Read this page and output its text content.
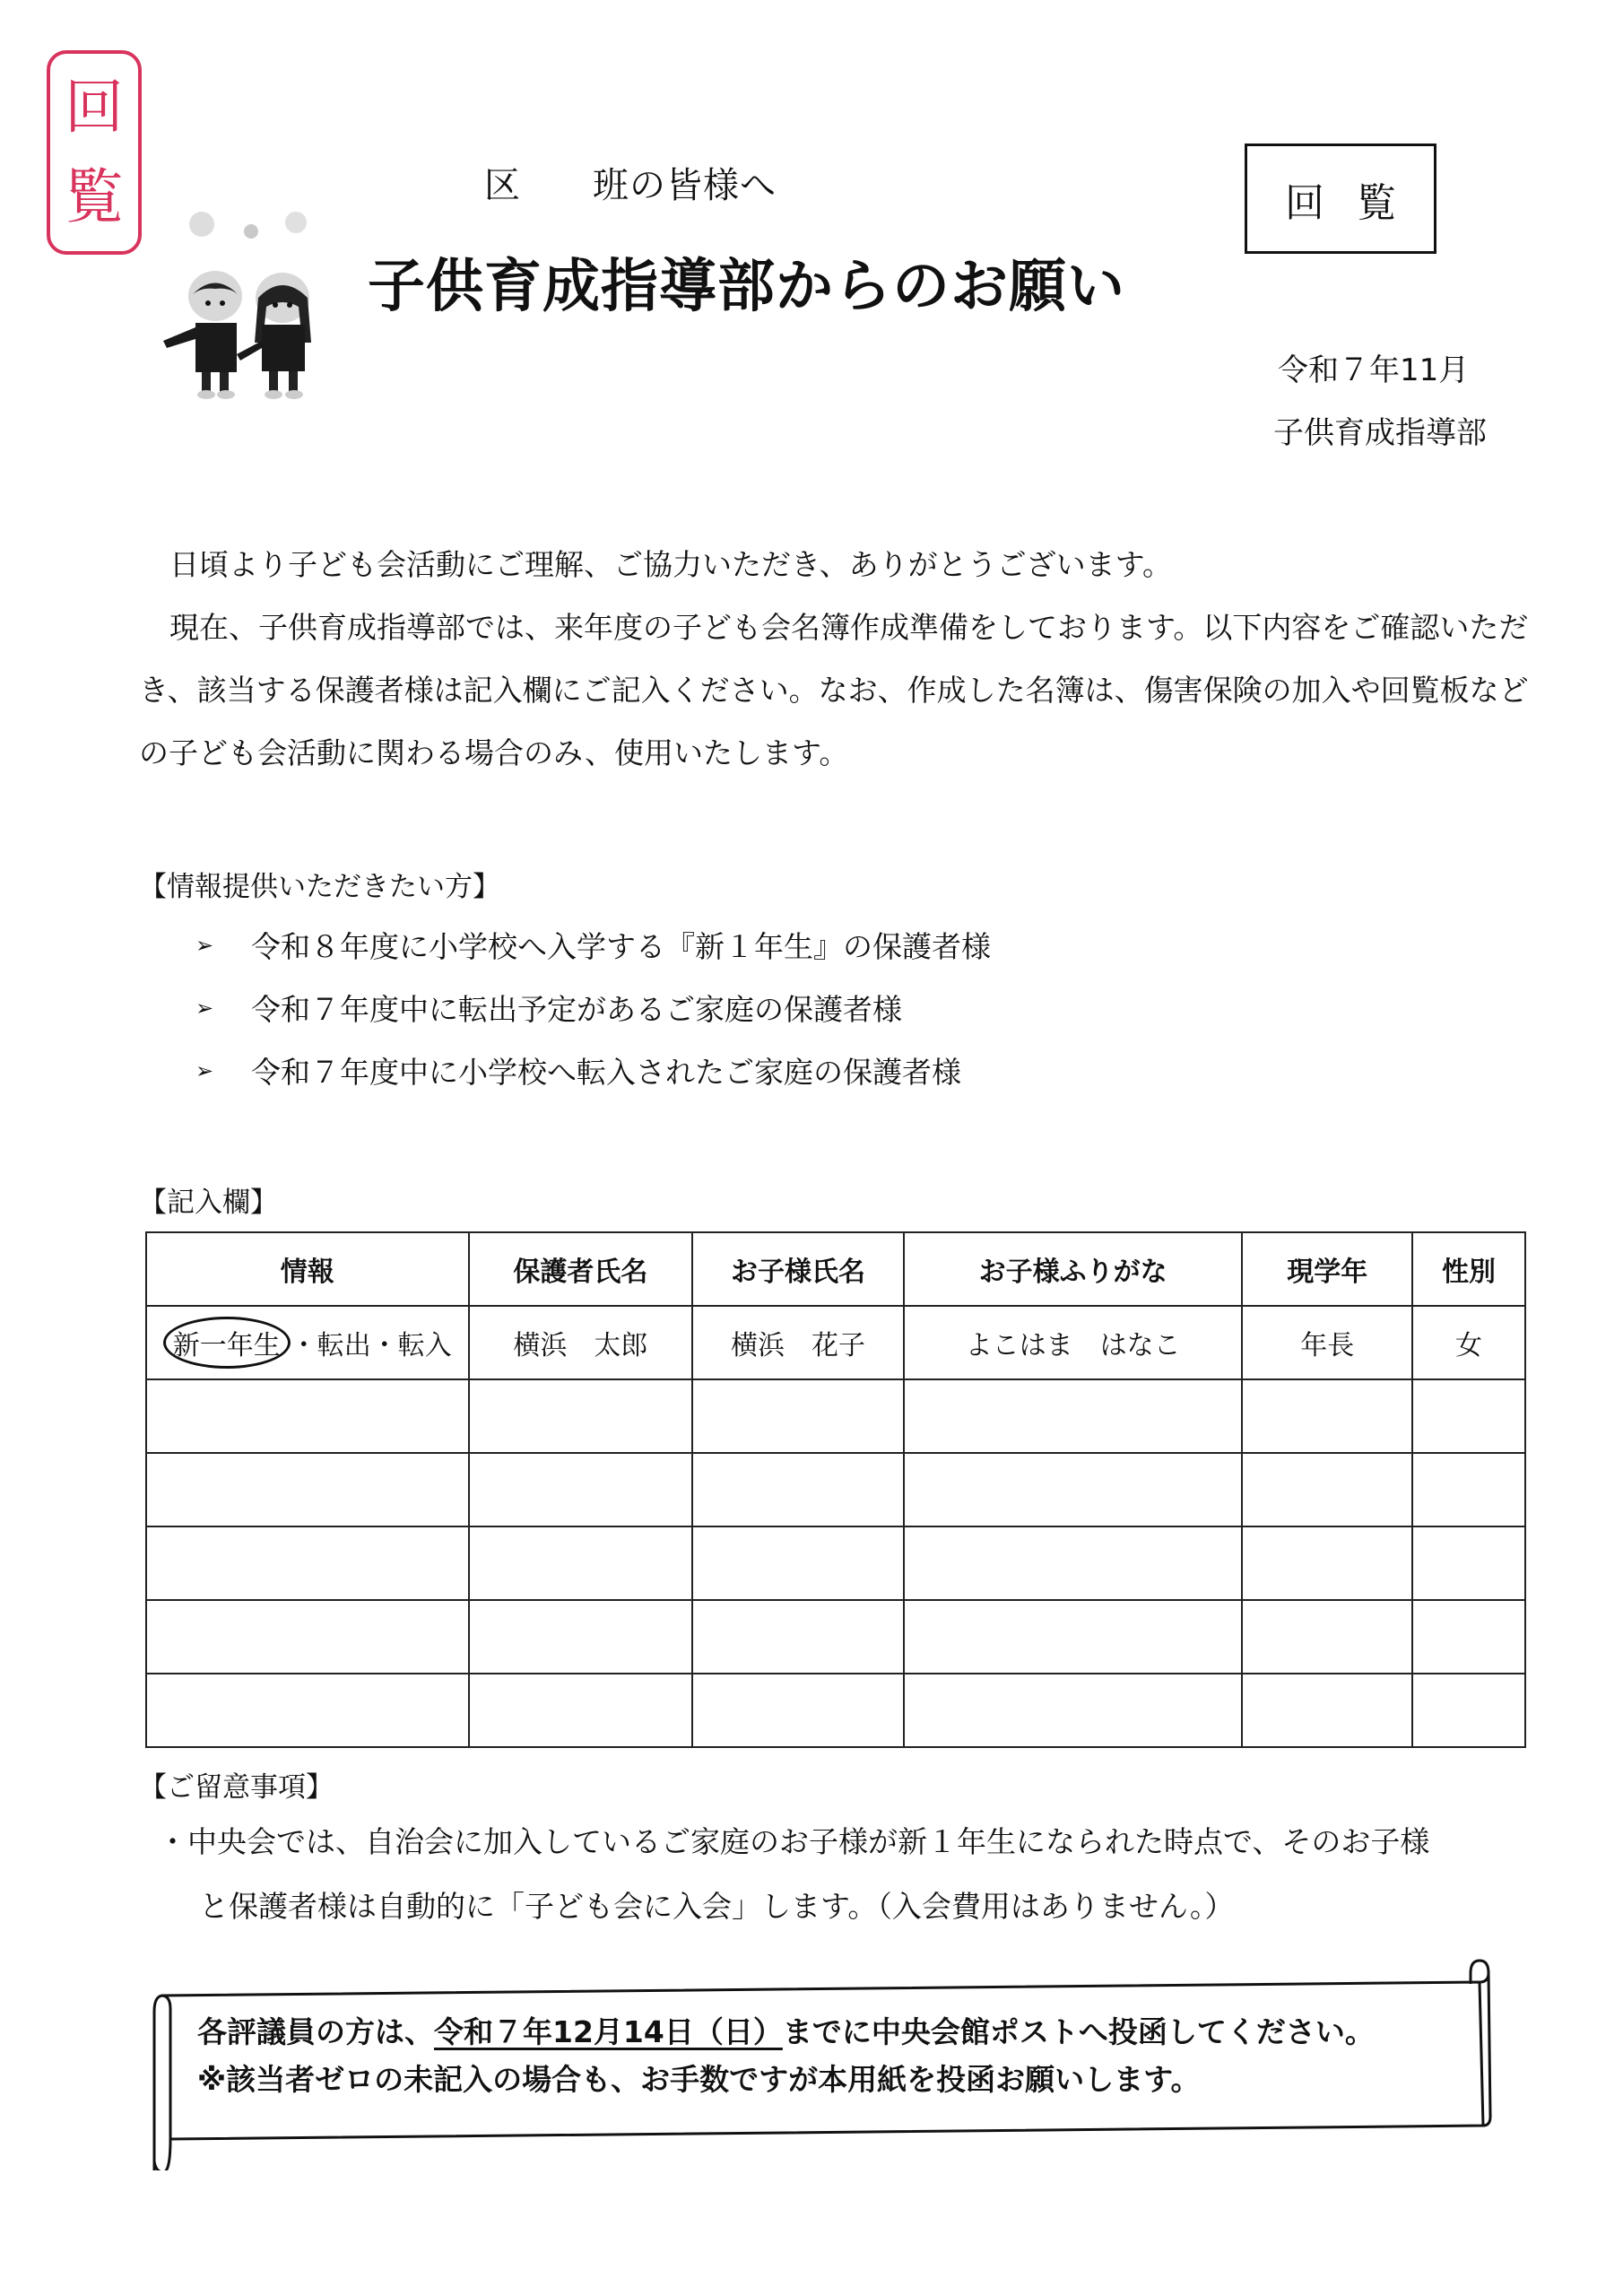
回
覧	区 班の皆様へ
子供育成指導部からのお願い
回覧
令和７年11月
子供育成指導部
日頃より子ども会活動にご理解、ご協力いただき、ありがとうございます。
現在、子供育成指導部では、来年度の子ども会名簿作成準備をしております。以下内容をご確認いただき、該当する保護者様は記入欄にご記入ください。なお、作成した名簿は、傷害保険の加入や回覧板などの子ども会活動に関わる場合のみ、使用いたします。
【情報提供いただきたい方】
➢	令和８年度に小学校へ入学する『新１年生』の保護者様
➢	令和７年度中に転出予定があるご家庭の保護者様
➢	令和７年度中に小学校へ転入されたご家庭の保護者様
【記入欄】
情報	保護者氏名	お子様氏名	お子様ふりがな	現学年	性別
新一年生 ・転出・転入	横浜　太郎	横浜　花子	よこはま　はなこ	年長	女

【ご留意事項】
・中央会では、自治会に加入しているご家庭のお子様が新１年生になられた時点で、そのお子様
と保護者様は自動的に「子ども会に入会」します。（入会費用はありません。）
各評議員の方は、令和７年12月14日（日）までに中央会館ポストへ投函してください。
※該当者ゼロの未記入の場合も、お手数ですが本用紙を投函お願いします。
